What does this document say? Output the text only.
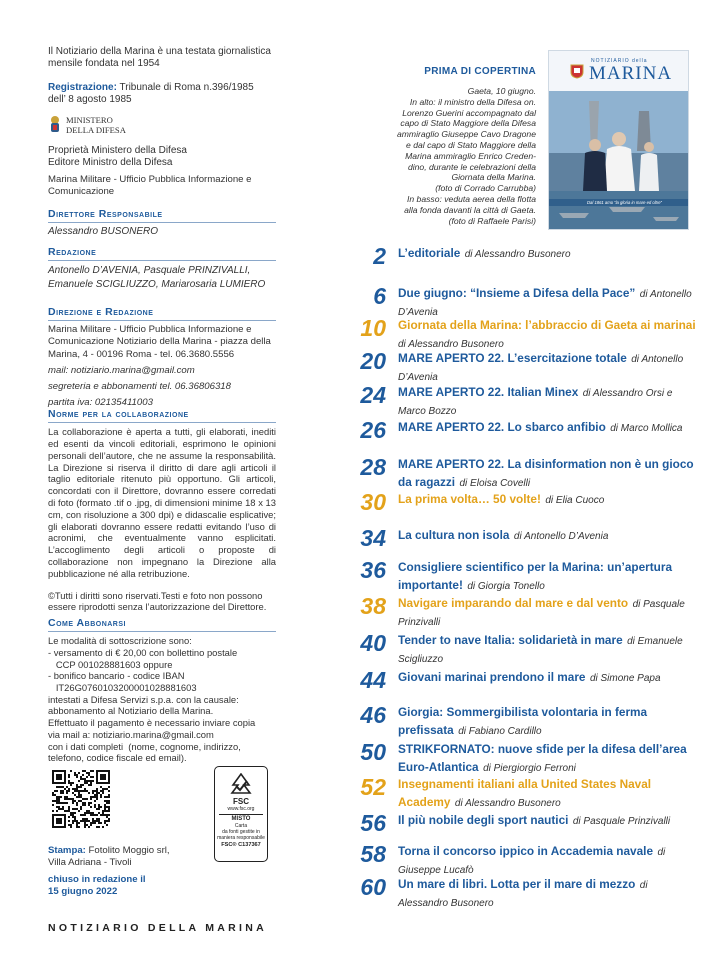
Il Notiziario della Marina è una testata giornalistica mensile fondata nel 1954

Registrazione: Tribunale di Roma n.396/1985

dell’ 8 agosto 1985

MINISTERO
DELLA DIFESA

Proprietà Ministero della Difesa

Editore Ministro della Difesa

Marina Militare - Ufficio Pubblica Informazione e Comunicazione

Direttore Responsabile

Alessandro BUSONERO

Redazione

Antonello D’AVENIA, Pasquale PRINZIVALLI,

Emanuele SCIGLIUZZO, Mariarosaria LUMIERO

Direzione e Redazione

Marina Militare - Ufficio Pubblica Informazione e Comunicazione Notiziario della Marina - piazza della Marina, 4 - 00196 Roma - tel. 06.3680.5556

mail: notiziario.marina@gmail.com

segreteria e abbonamenti tel. 06.36806318

partita iva: 02135411003

Norme per la collaborazione

La collaborazione è aperta a tutti, gli elaborati, inediti ed esenti da vincoli editoriali, esprimono le opinioni personali dell’autore, che ne assume la responsabilità. La Direzione si riserva il diritto di dare agli articoli il taglio editoriale ritenuto più opportuno. Gli articoli, concordati con il Direttore, dovranno essere corredati di foto (formato .tif o .jpg, di dimensioni minime 18 x 13 cm, con risoluzione a 300 dpi) e didascalie esplicative; gli elaborati dovranno essere redatti evitando l’uso di acronimi, che eventualmente vanno esplicitati. L’accoglimento degli articoli o proposte di collaborazione non impegnano la Direzione alla pubblicazione né alla retribuzione.

©Tutti i diritti sono riservati.Testi e foto non possono essere riprodotti senza l’autorizzazione del Direttore.

Come Abbonarsi
Le modalità di sottoscrizione sono:
- versamento di € 20,00 con bollettino postale
CCP 001028881603 oppure
- bonifico bancario - codice IBAN
IT26G0760103200001028881603
intestati a Difesa Servizi s.p.a. con la causale:
abbonamento al Notiziario della Marina.
Effettuato il pagamento è necessario inviare copia
via mail a: notiziario.marina@gmail.com
con i dati completi  (nome, cognome, indirizzo,
telefono, codice fiscale ed email).
FSC
www.fsc.org
MISTO
Carta
da fonti gestite in
maniera responsabile
FSC® C137367

Stampa: Fotolito Moggio srl,

Villa Adriana - Tivoli

chiuso in redazione il

15 giugno 2022

NOTIZIARIO DELLA MARINA
PRIMA DI COPERTINA
Gaeta, 10 giugno.
In alto: il ministro della Difesa on.
Lorenzo Guerini accompagnato dal
capo di Stato Maggiore della Difesa
ammiraglio Giuseppe Cavo Dragone
e dal capo di Stato Maggiore della
Marina ammiraglio Enrico Creden-
dino, durante le celebrazioni della
Giornata della Marina.
(foto di Corrado Carrubba)
In basso: veduta aerea della flotta
alla fonda davanti la città di Gaeta.
(foto di Raffaele Parisi)
NOTIZIARIO della
MARINA
Dal 1861 amo “la gloria in mare ed oltre”
2 L’editoriale di Alessandro Busonero
6 Due giugno: “Insieme a Difesa della Pace” di Antonello D’Avenia
10 Giornata della Marina: l’abbraccio di Gaeta ai marinai di Alessandro Busonero
20 MARE APERTO 22. L’esercitazione totale di Antonello D’Avenia
24 MARE APERTO 22. Italian Minex di Alessandro Orsi e Marco Bozzo
26 MARE APERTO 22. Lo sbarco anfibio di Marco Mollica
28 MARE APERTO 22. La disinformation non è un gioco da ragazzi di Eloisa Covelli
30 La prima volta… 50 volte! di Elia Cuoco
34 La cultura non isola di Antonello D’Avenia
36 Consigliere scientifico per la Marina: un’apertura importante! di Giorgia Tonello
38 Navigare imparando dal mare e dal vento di Pasquale Prinzivalli
40 Tender to nave Italia: solidarietà in mare di Emanuele Scigliuzzo
44 Giovani marinai prendono il mare di Simone Papa
46 Giorgia: Sommergibilista volontaria in ferma prefissata di Fabiano Cardillo
50 STRIKFORNATO: nuove sfide per la difesa dell’area Euro-Atlantica di Piergiorgio Ferroni
52 Insegnamenti italiani alla United States Naval Academy di Alessandro Busonero
56 Il più nobile degli sport nautici di Pasquale Prinzivalli
58 Torna il concorso ippico in Accademia navale di Giuseppe Lucafò
60 Un mare di libri. Lotta per il mare di mezzo di Alessandro Busonero
